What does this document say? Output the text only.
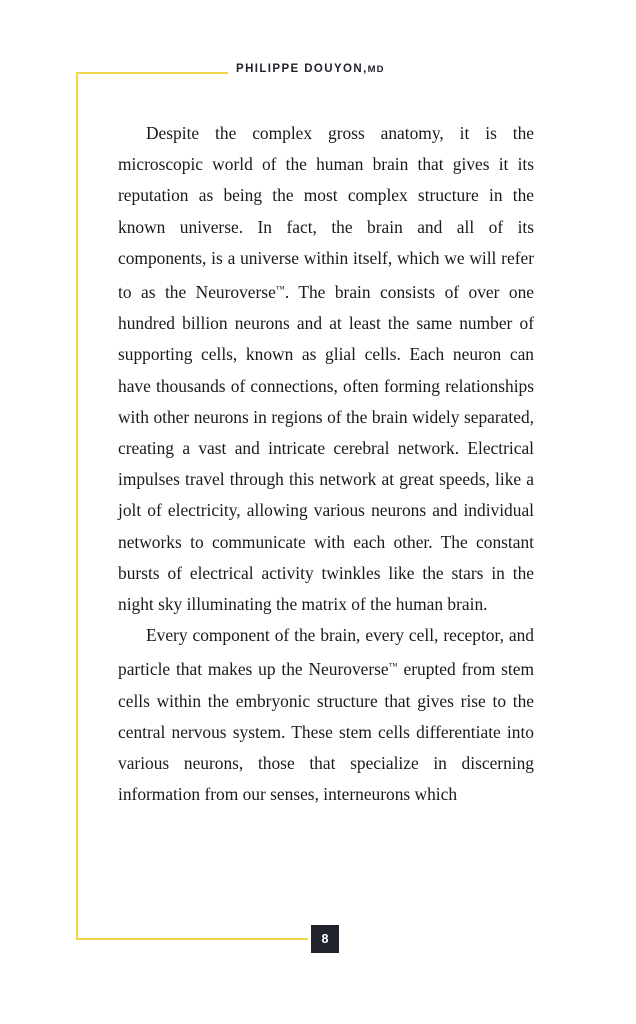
PHILIPPE DOUYON,MD

Despite the complex gross anatomy, it is the microscopic world of the human brain that gives it its reputation as being the most complex structure in the known universe. In fact, the brain and all of its components, is a universe within itself, which we will refer to as the Neuroverse™. The brain consists of over one hundred billion neurons and at least the same number of supporting cells, known as glial cells. Each neuron can have thousands of connections, often forming relationships with other neurons in regions of the brain widely separated, creating a vast and intricate cerebral network. Electrical impulses travel through this network at great speeds, like a jolt of electricity, allowing various neurons and individual networks to communicate with each other. The constant bursts of electrical activity twinkles like the stars in the night sky illuminating the matrix of the human brain.

Every component of the brain, every cell, receptor, and particle that makes up the Neuroverse™ erupted from stem cells within the embryonic structure that gives rise to the central nervous system. These stem cells differentiate into various neurons, those that specialize in discerning information from our senses, interneurons which

8
